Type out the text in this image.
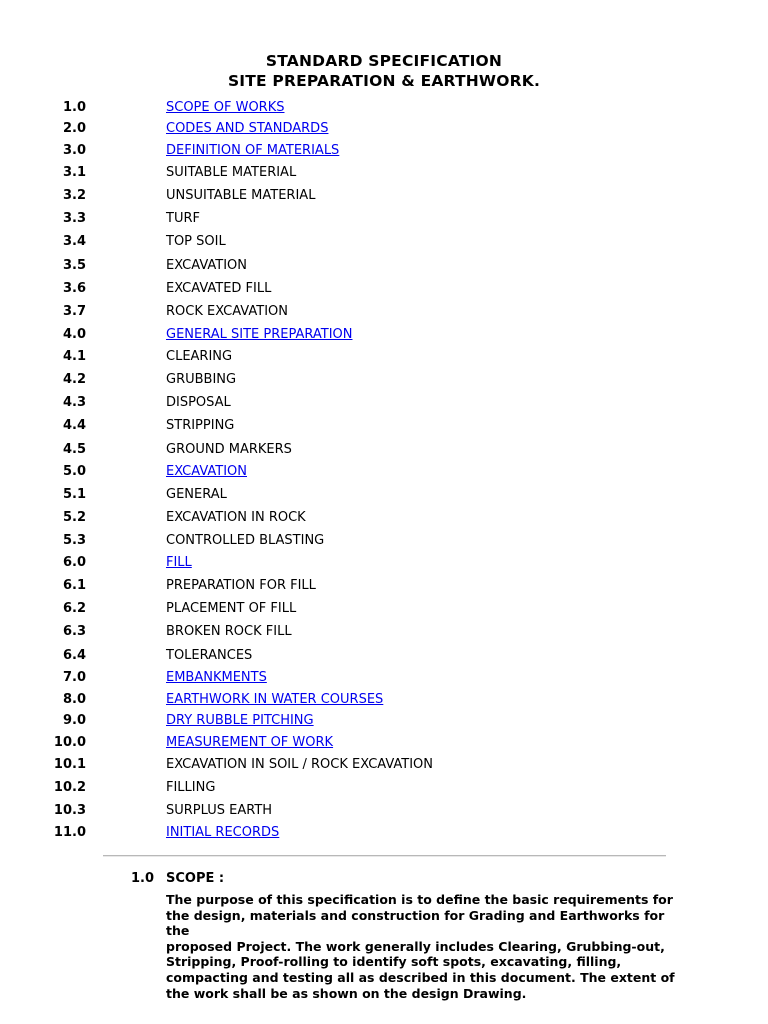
STANDARD SPECIFICATION
SITE PREPARATION & EARTHWORK.
1.0	SCOPE OF WORKS
2.0	CODES AND STANDARDS
3.0	DEFINITION OF MATERIALS
3.1	SUITABLE MATERIAL
3.2	UNSUITABLE MATERIAL
3.3	TURF
3.4	TOP SOIL
3.5	EXCAVATION
3.6	EXCAVATED FILL
3.7	ROCK EXCAVATION
4.0	GENERAL SITE PREPARATION
4.1	CLEARING
4.2	GRUBBING
4.3	DISPOSAL
4.4	STRIPPING
4.5	GROUND MARKERS
5.0	EXCAVATION
5.1	GENERAL
5.2	EXCAVATION IN ROCK
5.3	CONTROLLED BLASTING
6.0	FILL
6.1	PREPARATION FOR FILL
6.2	PLACEMENT OF FILL
6.3	BROKEN ROCK FILL
6.4	TOLERANCES
7.0	EMBANKMENTS
8.0	EARTHWORK IN WATER COURSES
9.0	DRY RUBBLE PITCHING
10.0	MEASUREMENT OF WORK
10.1	EXCAVATION IN SOIL / ROCK EXCAVATION
10.2	FILLING
10.3	SURPLUS EARTH
11.0	INITIAL RECORDS
1.0 SCOPE :
The purpose of this specification is to define the basic requirements for
the design, materials and construction for Grading and Earthworks for the
proposed Project. The work generally includes Clearing, Grubbing-out,
Stripping, Proof-rolling to identify soft spots, excavating, filling,
compacting and testing all as described in this document. The extent of
the work shall be as shown on the design Drawing.
